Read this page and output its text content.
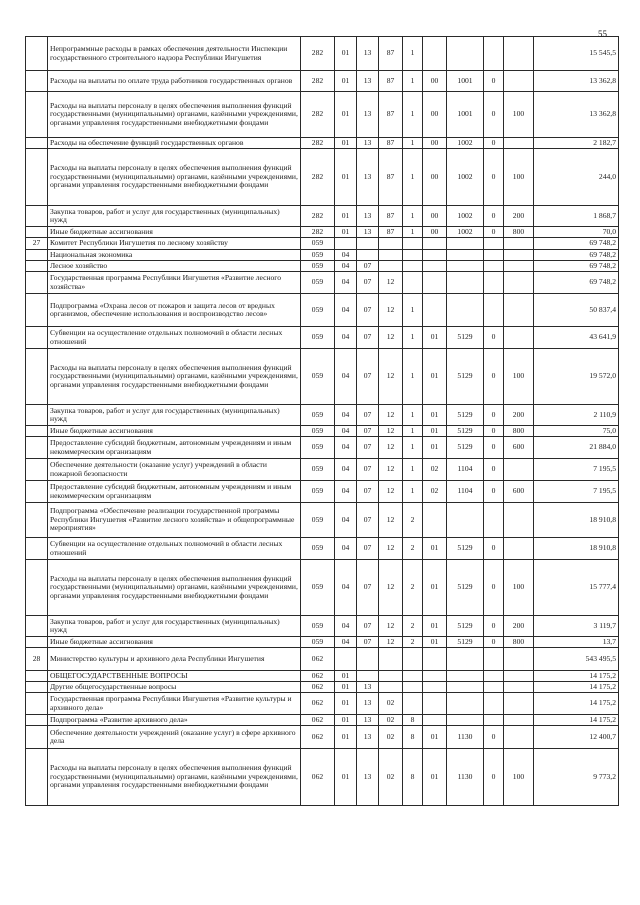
55
	Непрограммные расходы в рамках обеспечения деятельности Инспекции государственного строительного надзора Республики Ингушетия	282	01	13	87	1					15 545,5
	Расходы на выплаты по оплате труда работников государственных органов	282	01	13	87	1	00	1001	0		13 362,8
	Расходы на выплаты персоналу в целях обеспечения выполнения функций государственными (муниципальными) органами, казёнными учреждениями, органами управления государственными внебюджетными фондами	282	01	13	87	1	00	1001	0	100	13 362,8
	Расходы на обеспечение функций государственных органов	282	01	13	87	1	00	1002	0		2 182,7
	Расходы на выплаты персоналу в целях обеспечения выполнения функций государственными (муниципальными) органами, казёнными учреждениями, органами управления государственными внебюджетными фондами	282	01	13	87	1	00	1002	0	100	244,0
	Закупка товаров, работ и услуг для государственных (муниципальных) нужд	282	01	13	87	1	00	1002	0	200	1 868,7
	Иные бюджетные ассигнования	282	01	13	87	1	00	1002	0	800	70,0
27	Комитет Республики Ингушетия по лесному хозяйству	059									69 748,2
	Национальная экономика	059	04								69 748,2
	Лесное хозяйство	059	04	07							69 748,2
	Государственная программа Республики Ингушетия «Развитие лесного хозяйства»	059	04	07	12						69 748,2
	Подпрограмма «Охрана лесов от пожаров и защита лесов от вредных организмов, обеспечение использования и воспроизводство лесов»	059	04	07	12	1					50 837,4
	Субвенции на осуществление отдельных полномочий в области лесных отношений	059	04	07	12	1	01	5129	0		43 641,9
	Расходы на выплаты персоналу в целях обеспечения выполнения функций государственными (муниципальными) органами, казёнными учреждениями, органами управления государственными внебюджетными фондами	059	04	07	12	1	01	5129	0	100	19 572,0
	Закупка товаров, работ и услуг для государственных (муниципальных) нужд	059	04	07	12	1	01	5129	0	200	2 110,9
	Иные бюджетные ассигнования	059	04	07	12	1	01	5129	0	800	75,0
	Предоставление субсидий бюджетным, автономным учреждениям и иным некоммерческим организациям	059	04	07	12	1	01	5129	0	600	21 884,0
	Обеспечение деятельности (оказание услуг) учреждений в области пожарной безопасности	059	04	07	12	1	02	1104	0		7 195,5
	Предоставление субсидий бюджетным, автономным учреждениям и иным некоммерческим организациям	059	04	07	12	1	02	1104	0	600	7 195,5
	Подпрограмма «Обеспечение реализации государственной программы Республики Ингушетия «Развитие лесного хозяйства» и общепрограммные мероприятия»	059	04	07	12	2					18 910,8
	Субвенции на осуществление отдельных полномочий в области лесных отношений	059	04	07	12	2	01	5129	0		18 910,8
	Расходы на выплаты персоналу в целях обеспечения выполнения функций государственными (муниципальными) органами, казёнными учреждениями, органами управления государственными внебюджетными фондами	059	04	07	12	2	01	5129	0	100	15 777,4
	Закупка товаров, работ и услуг для государственных (муниципальных) нужд	059	04	07	12	2	01	5129	0	200	3 119,7
	Иные бюджетные ассигнования	059	04	07	12	2	01	5129	0	800	13,7
28	Министерство культуры и архивного дела Республики Ингушетия	062									543 495,5
	ОБЩЕГОСУДАРСТВЕННЫЕ ВОПРОСЫ	062	01								14 175,2
	Другие общегосударственные вопросы	062	01	13							14 175,2
	Государственная программа Республики Ингушетия «Развитие культуры и архивного дела»	062	01	13	02						14 175,2
	Подпрограмма «Развитие архивного дела»	062	01	13	02	8					14 175,2
	Обеспечение деятельности учреждений (оказание услуг) в сфере архивного дела	062	01	13	02	8	01	1130	0		12 400,7
	Расходы на выплаты персоналу в целях обеспечения выполнения функций государственными (муниципальными) органами, казёнными учреждениями, органами управления государственными внебюджетными фондами	062	01	13	02	8	01	1130	0	100	9 773,2
